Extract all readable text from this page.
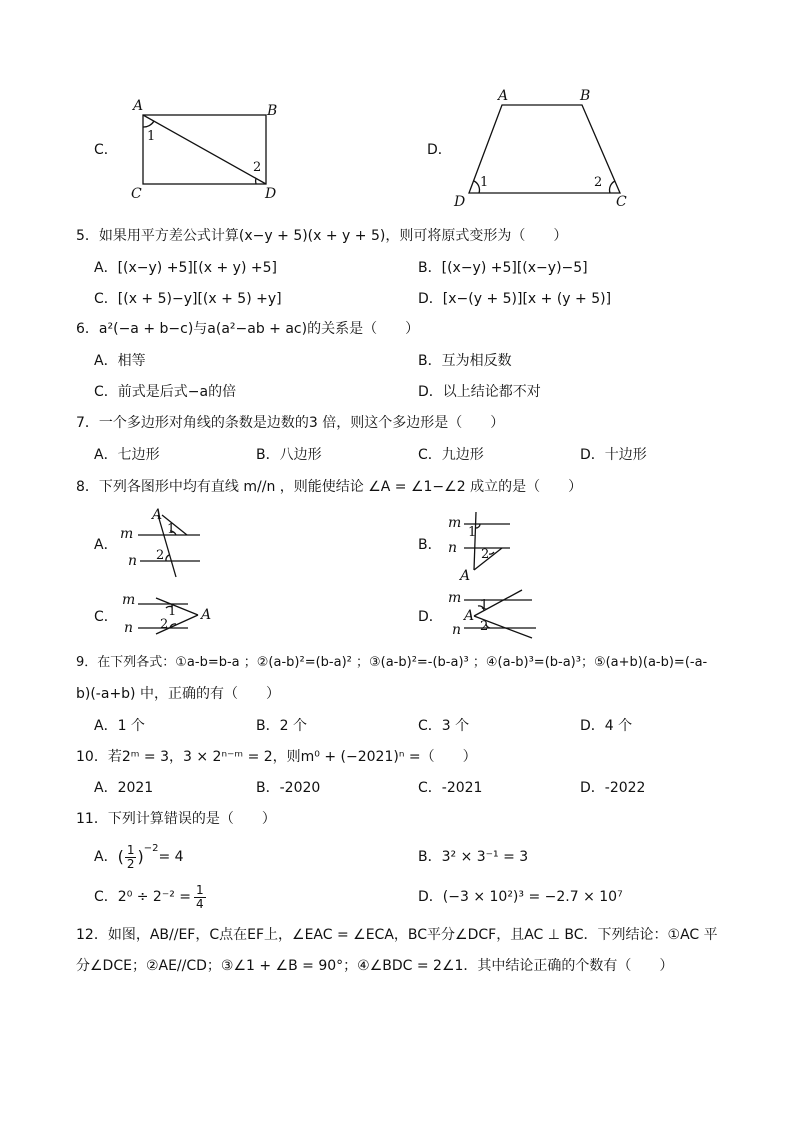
C．
A	B
C	D
1
2
D．
A	B
D	C
1	2
5．如果用平方差公式计算(x−y + 5)(x + y + 5)，则可将原式变形为（　　）
A．[(x−y) +5][(x + y) +5]	B．[(x−y) +5][(x−y)−5]
C．[(x + 5)−y][(x + 5) +y]	D．[x−(y + 5)][x + (y + 5)]
6．a²(−a + b−c)与a(a²−ab + ac)的关系是（　　）
A．相等	B．互为相反数
C．前式是后式−a的倍	D．以上结论都不对
7．一个多边形对角线的条数是边数的3 倍，则这个多边形是（　　）
A．七边形	B．八边形	C．九边形	D．十边形
8．下列各图形中均有直线 m//n ，则能使结论 ∠A = ∠1−∠2 成立的是（　　）
A．
m
n
A
1
2
B．
m
n
A
1
2
C．
m
n
A
1
2	D．
m
n
A
1
2
9．在下列各式：①a-b=b-a ；②(a-b)²=(b-a)² ；③(a-b)²=-(b-a)³ ；④(a-b)³=(b-a)³；⑤(a+b)(a-b)=(-a-
b)(-a+b) 中，正确的有（　　）
A．1 个	B．2 个	C．3 个	D．4 个
10．若2ᵐ = 3，3 × 2ⁿ⁻ᵐ = 2，则m⁰ + (−2021)ⁿ =（　　）
A．2021	B．-2020	C．-2021	D．-2022
11．下列计算错误的是（　　）
A． ( $\frac{1}{2} )^{-2}$
= 4	B．3² × 3⁻¹ = 3
C． $2^0 \div 2^{-2} = \frac{1}{4}$	D．(−3 × 10²)³ = −2.7 × 10⁷
12．如图，AB//EF，C点在EF上，∠EAC = ∠ECA，BC平分∠DCF，且AC ⊥ BC．下列结论：①AC 平
分∠DCE；②AE//CD；③∠1 + ∠B = 90°；④∠BDC = 2∠1．其中结论正确的个数有（　　）
